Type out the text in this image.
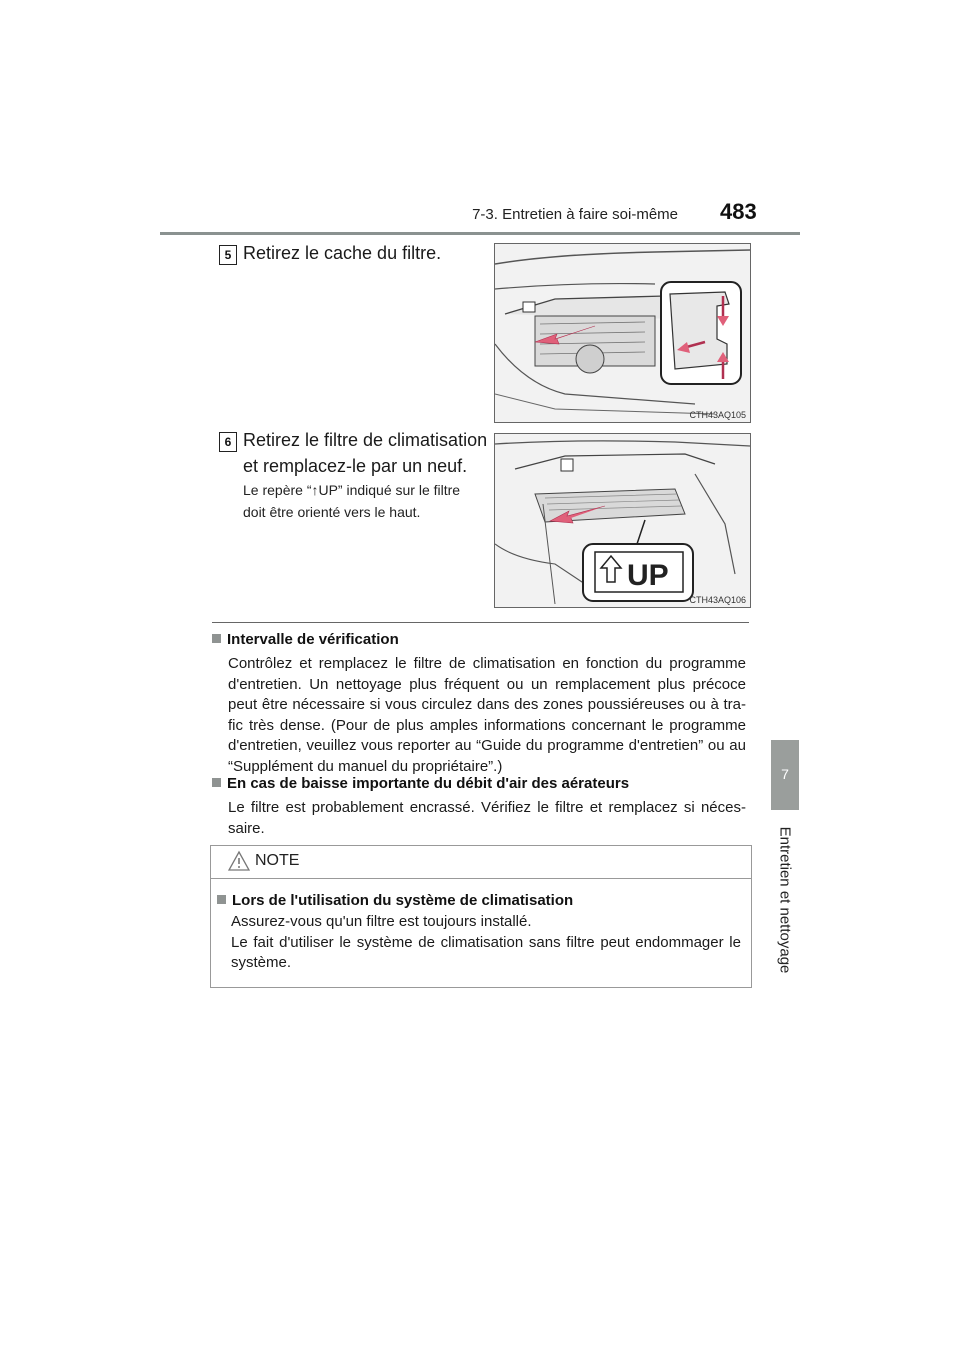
7-3. Entretien à faire soi-même 483
7
Entretien et nettoyage
5 Retirez le cache du filtre.
CTH43AQ105
6 Retirez le filtre de climatisation
et remplacez-le par un neuf.
Le repère “↑UP” indiqué sur le filtre
doit être orienté vers le haut.
UP
CTH43AQ106
Intervalle de vérification
Contrôlez et remplacez le filtre de climatisation en fonction du programme
d'entretien. Un nettoyage plus fréquent ou un remplacement plus précoce
peut être nécessaire si vous circulez dans des zones poussiéreuses ou à tra-
fic très dense. (Pour de plus amples informations concernant le programme
d'entretien, veuillez vous reporter au “Guide du programme d'entretien” ou au
“Supplément du manuel du propriétaire”.)
En cas de baisse importante du débit d'air des aérateurs
Le filtre est probablement encrassé. Vérifiez le filtre et remplacez si néces-
saire.
NOTE
Lors de l'utilisation du système de climatisation
Assurez-vous qu'un filtre est toujours installé.
Le fait d'utiliser le système de climatisation sans filtre peut endommager le
système.
